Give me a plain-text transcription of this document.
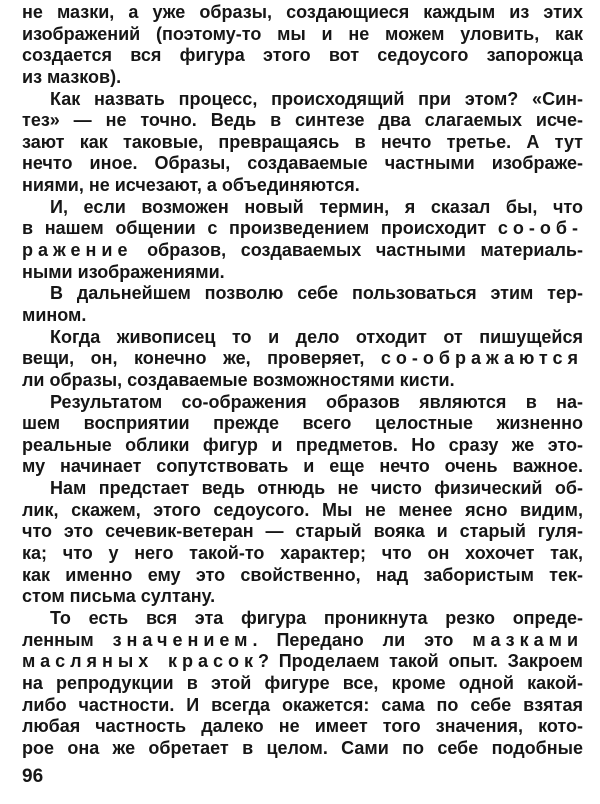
не мазки, а уже образы, создающиеся каждым из этих
изображений (поэтому-то мы и не можем уловить, как
создается вся фигура этого вот седоусого запорожца
из мазков).
Как назвать процесс, происходящий при этом? «Син-
тез» — не точно. Ведь в синтезе два слагаемых исче-
зают как таковые, превращаясь в нечто третье. А тут
нечто иное. Образы, создаваемые частными изображе-
ниями, не исчезают, а объединяются.
И, если возможен новый термин, я сказал бы, что
в нашем общении с произведением происходит со-об-
ражение образов, создаваемых частными материаль-
ными изображениями.
В дальнейшем позволю себе пользоваться этим тер-
мином.
Когда живописец то и дело отходит от пишущейся
вещи, он, конечно же, проверяет, со-ображаются
ли образы, создаваемые возможностями кисти.
Результатом со-ображения образов являются в на-
шем восприятии прежде всего целостные жизненно
реальные облики фигур и предметов. Но сразу же это-
му начинает сопутствовать и еще нечто очень важное.
Нам предстает ведь отнюдь не чисто физический об-
лик, скажем, этого седоусого. Мы не менее ясно видим,
что это сечевик-ветеран — старый вояка и старый гуля-
ка; что у него такой-то характер; что он хохочет так,
как именно ему это свойственно, над забористым тек-
стом письма султану.
То есть вся эта фигура проникнута резко опреде-
ленным значением. Передано ли это мазками
масляных красок? Проделаем такой опыт. Закроем
на репродукции в этой фигуре все, кроме одной какой-
либо частности. И всегда окажется: сама по себе взятая
любая частность далеко не имеет того значения, кото-
рое она же обретает в целом. Сами по себе подобные
96
